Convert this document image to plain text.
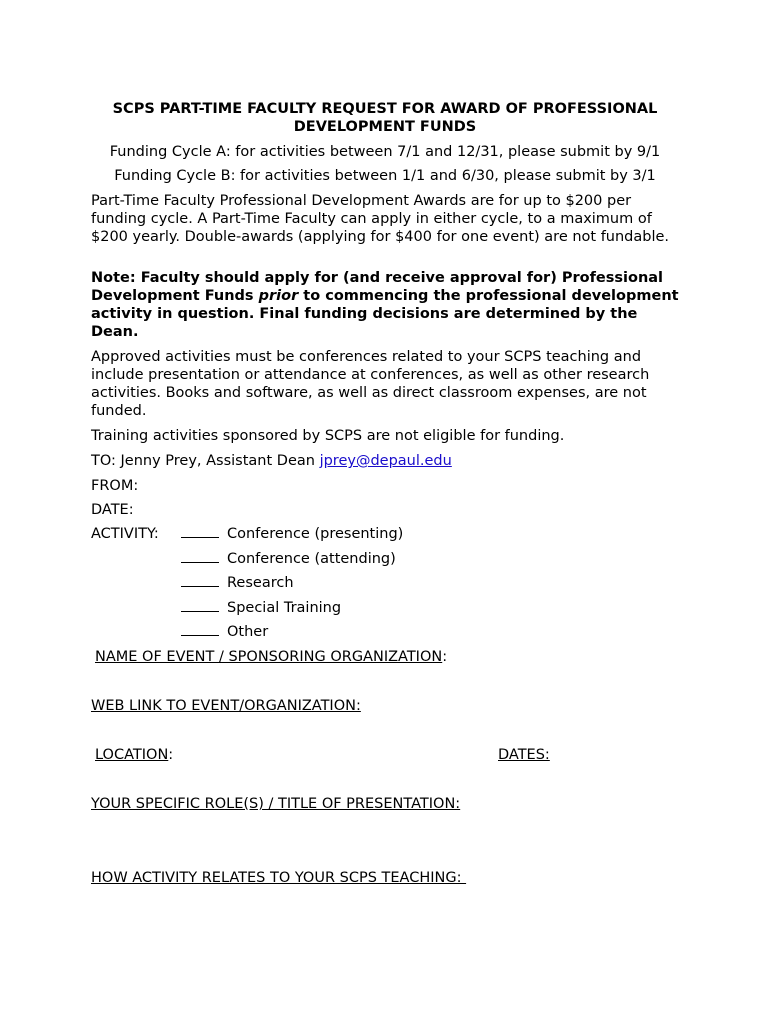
SCPS PART-TIME FACULTY REQUEST FOR AWARD OF PROFESSIONAL
DEVELOPMENT FUNDS
Funding Cycle A: for activities between 7/1 and 12/31, please submit by 9/1
Funding Cycle B: for activities between 1/1 and 6/30, please submit by 3/1
Part-Time Faculty Professional Development Awards are for up to $200 per funding cycle. A Part-Time Faculty can apply in either cycle, to a maximum of $200 yearly. Double-awards (applying for $400 for one event) are not fundable.
Note: Faculty should apply for (and receive approval for) Professional Development Funds prior to commencing the professional development activity in question. Final funding decisions are determined by the Dean.
Approved activities must be conferences related to your SCPS teaching and include presentation or attendance at conferences, as well as other research activities. Books and software, as well as direct classroom expenses, are not funded.
Training activities sponsored by SCPS are not eligible for funding.
TO: Jenny Prey, Assistant Dean jprey@depaul.edu
FROM:
DATE:
ACTIVITY:	Conference (presenting)
Conference (attending)
Research
Special Training
Other
NAME OF EVENT / SPONSORING ORGANIZATION:
WEB LINK TO EVENT/ORGANIZATION:
LOCATION:	DATES:
YOUR SPECIFIC ROLE(S) / TITLE OF PRESENTATION:
HOW ACTIVITY RELATES TO YOUR SCPS TEACHING:
